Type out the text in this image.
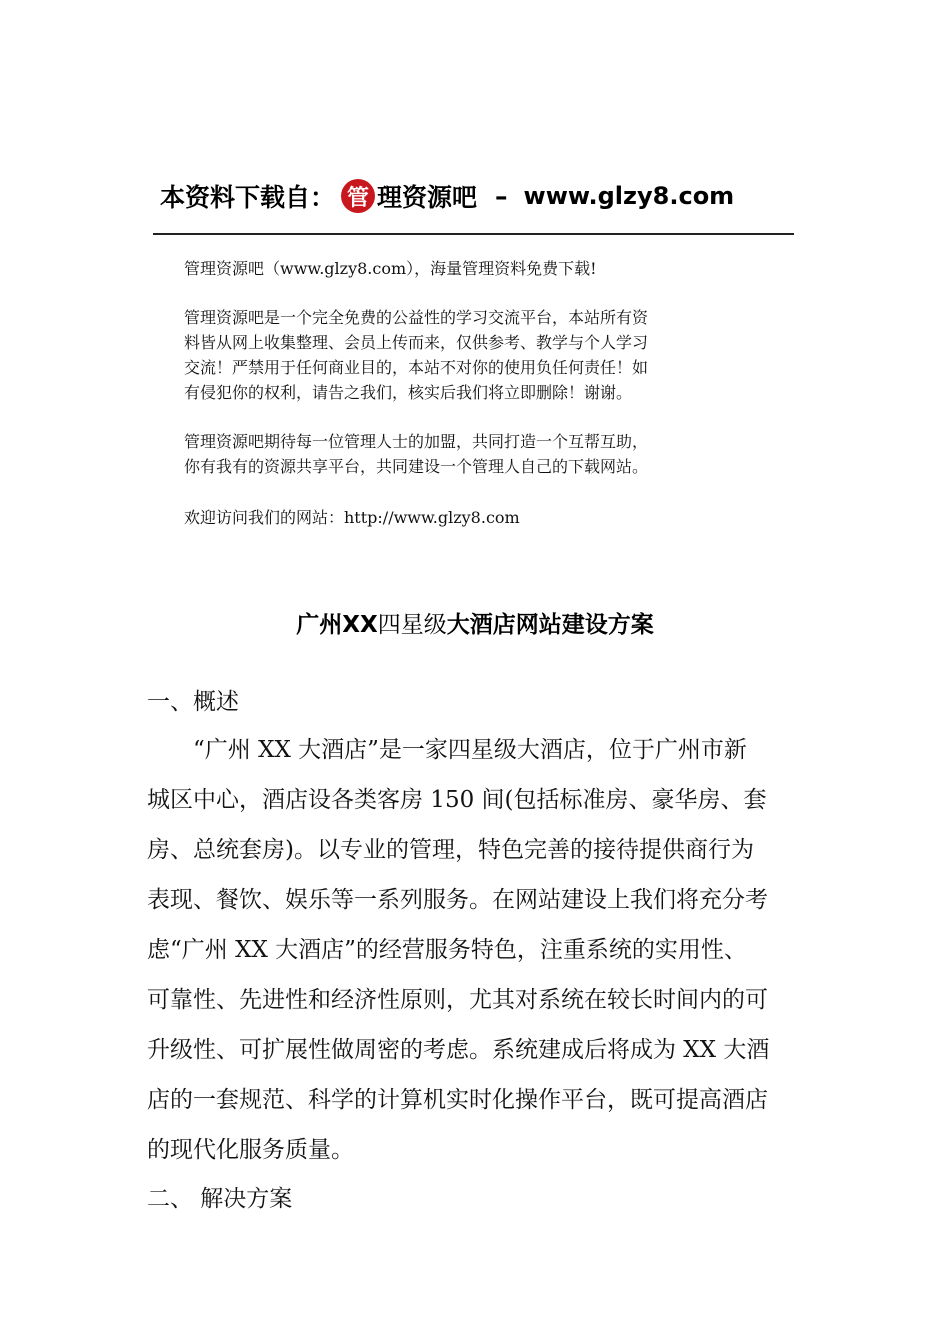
本资料下载自： 管 理资源吧 – www.glzy8.com
管理资源吧（www.glzy8.com），海量管理资料免费下载!
管理资源吧是一个完全免费的公益性的学习交流平台，本站所有资
料皆从网上收集整理、会员上传而来，仅供参考、教学与个人学习
交流！严禁用于任何商业目的，本站不对你的使用负任何责任！如
有侵犯你的权利，请告之我们，核实后我们将立即删除！谢谢。
管理资源吧期待每一位管理人士的加盟，共同打造一个互帮互助，
你有我有的资源共享平台，共同建设一个管理人自己的下载网站。
欢迎访问我们的网站：http://www.glzy8.com
广州XX四星级大酒店网站建设方案
一、概述
“广州 XX 大酒店”是一家四星级大酒店，位于广州市新
城区中心，酒店设各类客房 150 间(包括标准房、豪华房、套
房、总统套房)。以专业的管理，特色完善的接待提供商行为
表现、餐饮、娱乐等一系列服务。在网站建设上我们将充分考
虑“广州 XX 大酒店”的经营服务特色，注重系统的实用性、
可靠性、先进性和经济性原则，尤其对系统在较长时间内的可
升级性、可扩展性做周密的考虑。系统建成后将成为 XX 大酒
店的一套规范、科学的计算机实时化操作平台，既可提高酒店
的现代化服务质量。
二、 解决方案
